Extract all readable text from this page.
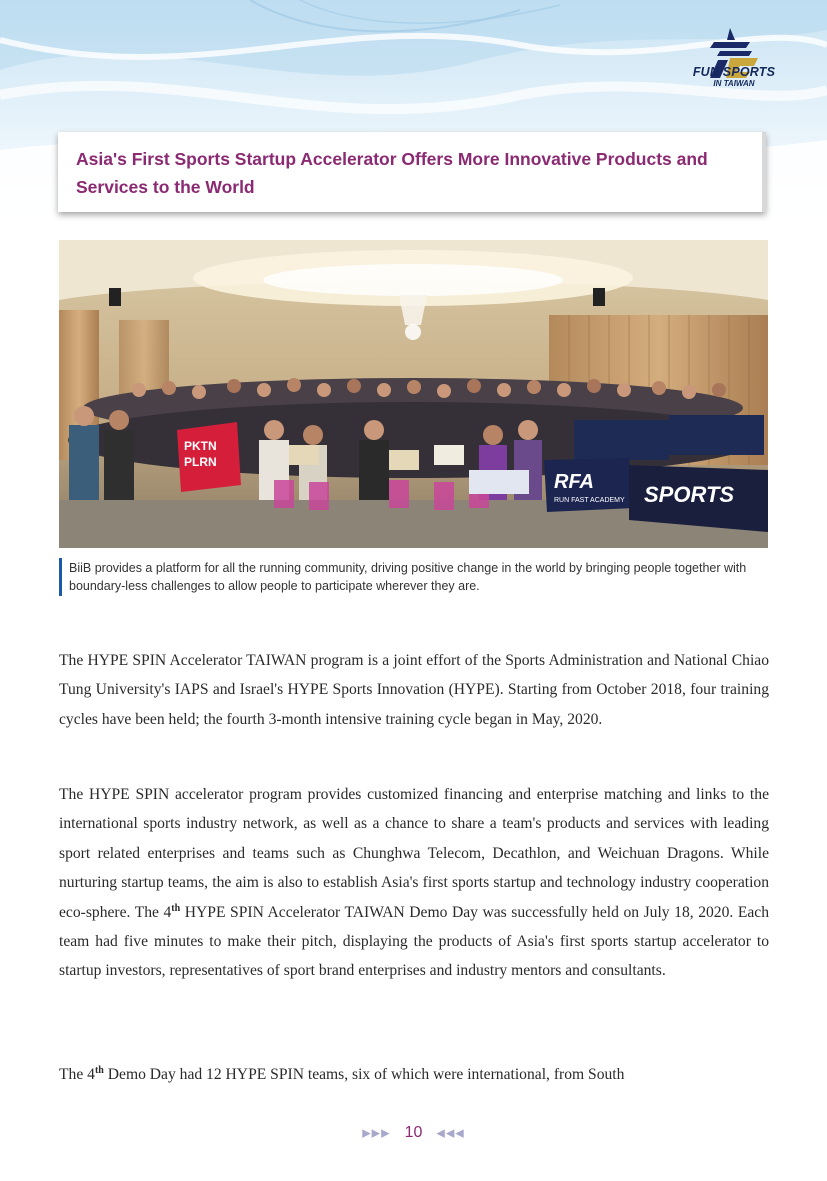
FUN SPORTS
IN TAIWAN
Asia's First Sports Startup Accelerator Offers More Innovative Products and Services to the World
PKTN
PLRN
RFA
RUN FAST ACADEMY SPORTS
BiiB provides a platform for all the running community, driving positive change in the world by bringing people together with boundary-less challenges to allow people to participate wherever they are.

The HYPE SPIN Accelerator TAIWAN program is a joint effort of the Sports Administration and National Chiao Tung University's IAPS and Israel's HYPE Sports Innovation (HYPE). Starting from October 2018, four training cycles have been held; the fourth 3-month intensive training cycle began in May, 2020.

The HYPE SPIN accelerator program provides customized financing and enterprise matching and links to the international sports industry network, as well as a chance to share a team's products and services with leading sport related enterprises and teams such as Chunghwa Telecom, Decathlon, and Weichuan Dragons. While nurturing startup teams, the aim is also to establish Asia's first sports startup and technology industry cooperation eco-sphere. The 4th HYPE SPIN Accelerator TAIWAN Demo Day was successfully held on July 18, 2020. Each team had five minutes to make their pitch, displaying the products of Asia's first sports startup accelerator to startup investors, representatives of sport brand enterprises and industry mentors and consultants.

The 4th Demo Day had 12 HYPE SPIN teams, six of which were international, from South

▶▶▶ 10 ◀◀◀
